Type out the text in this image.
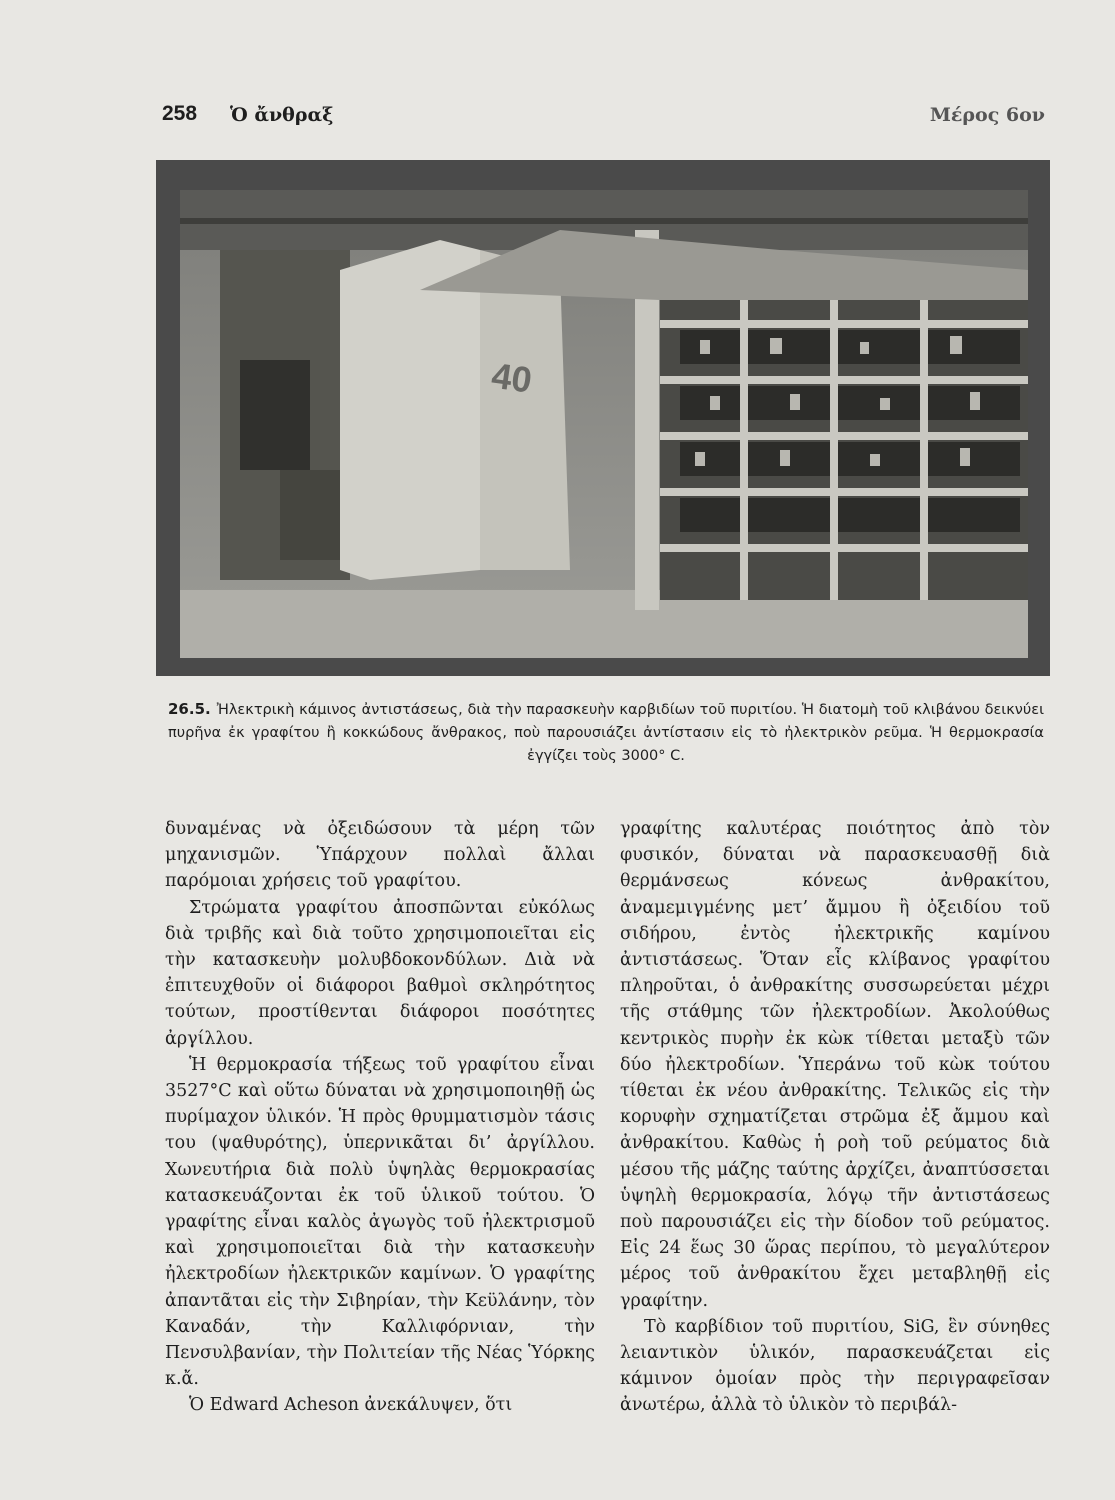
258 Ὁ ἄνθραξ	Μέρος 6ον
40
26.5. Ἠλεκτρικὴ κάμινος ἀντιστάσεως, διὰ τὴν παρασκευὴν καρβιδίων τοῦ πυριτίου. Ἡ διατομὴ τοῦ κλιβάνου δεικνύει πυρῆνα ἐκ γραφίτου ἢ κοκκώδους ἄνθρακος, ποὺ παρουσιάζει ἀντίστασιν εἰς τὸ ἠλεκτρικὸν ρεῦμα. Ἡ θερμοκρασία ἐγγίζει τοὺς 3000° C.

δυναμένας νὰ ὀξειδώσουν τὰ μέρη τῶν μηχανισμῶν. Ὑπάρχουν πολλαὶ ἄλλαι παρόμοιαι χρήσεις τοῦ γραφίτου.

Στρώματα γραφίτου ἀποσπῶνται εὐκόλως διὰ τριβῆς καὶ διὰ τοῦτο χρησιμοποιεῖται εἰς τὴν κατασκευὴν μολυβδοκονδύλων. Διὰ νὰ ἐπιτευχθοῦν οἱ διάφοροι βαθμοὶ σκληρότητος τούτων, προστίθενται διάφοροι ποσότητες ἀργίλλου.

Ἡ θερμοκρασία τήξεως τοῦ γραφίτου εἶναι 3527°C καὶ οὕτω δύναται νὰ χρησιμοποιηθῇ ὡς πυρίμαχον ὑλικόν. Ἡ πρὸς θρυμματισμὸν τάσις του (ψαθυρότης), ὑπερνικᾶται δι’ ἀργίλλου. Χωνευτήρια διὰ πολὺ ὑψηλὰς θερμοκρασίας κατασκευάζονται ἐκ τοῦ ὑλικοῦ τούτου. Ὁ γραφίτης εἶναι καλὸς ἀγωγὸς τοῦ ἠλεκτρισμοῦ καὶ χρησιμοποιεῖται διὰ τὴν κατασκευὴν ἠλεκτροδίων ἠλεκτρικῶν καμίνων. Ὁ γραφίτης ἀπαντᾶται εἰς τὴν Σιβηρίαν, τὴν Κεϋλάνην, τὸν Καναδάν, τὴν Καλλιφόρνιαν, τὴν Πενσυλβανίαν, τὴν Πολιτείαν τῆς Νέας Ὑόρκης κ.ἄ.

Ὁ Edward Acheson ἀνεκάλυψεν, ὅτι

γραφίτης καλυτέρας ποιότητος ἀπὸ τὸν φυσικόν, δύναται νὰ παρασκευασθῇ διὰ θερμάνσεως κόνεως ἀνθρακίτου, ἀναμεμιγμένης μετ’ ἄμμου ἢ ὀξειδίου τοῦ σιδήρου, ἐντὸς ἠλεκτρικῆς καμίνου ἀντιστάσεως. Ὅταν εἷς κλίβανος γραφίτου πληροῦται, ὁ ἀνθρακίτης συσσωρεύεται μέχρι τῆς στάθμης τῶν ἠλεκτροδίων. Ἀκολούθως κεντρικὸς πυρὴν ἐκ κὼκ τίθεται μεταξὺ τῶν δύο ἠλεκτροδίων. Ὑπεράνω τοῦ κὼκ τούτου τίθεται ἐκ νέου ἀνθρακίτης. Τελικῶς εἰς τὴν κορυφὴν σχηματίζεται στρῶμα ἐξ ἄμμου καὶ ἀνθρακίτου. Καθὼς ἡ ροὴ τοῦ ρεύματος διὰ μέσου τῆς μάζης ταύτης ἀρχίζει, ἀναπτύσσεται ὑψηλὴ θερμοκρασία, λόγῳ τῆν ἀντιστάσεως ποὺ παρουσιάζει εἰς τὴν δίοδον τοῦ ρεύματος. Εἰς 24 ἕως 30 ὥρας περίπου, τὸ μεγαλύτερον μέρος τοῦ ἀνθρακίτου ἔχει μεταβληθῇ εἰς γραφίτην.

Τὸ καρβίδιον τοῦ πυριτίου, SiG, ἓν σύνηθες λειαντικὸν ὑλικόν, παρασκευάζεται εἰς κάμινον ὁμοίαν πρὸς τὴν περιγραφεῖσαν ἀνωτέρω, ἀλλὰ τὸ ὑλικὸν τὸ περιβάλ-
